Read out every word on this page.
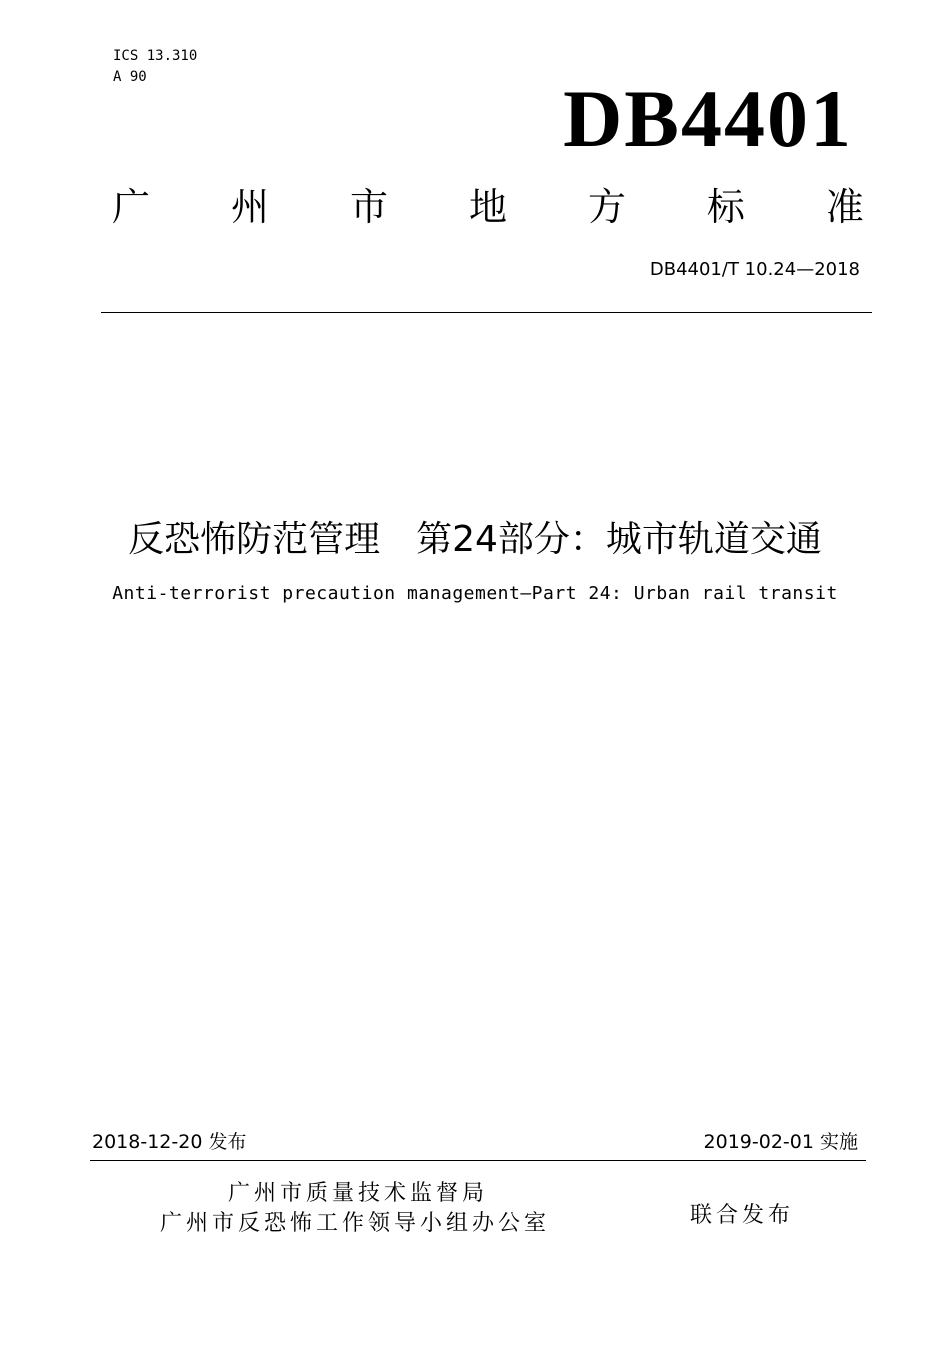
ICS 13.310
A 90	DB4401
广 州 市 地 方 标 准
DB4401/T 10.24—2018
反恐怖防范管理　第24部分：城市轨道交通
Anti-terrorist precaution management—Part 24: Urban rail transit
2018-12-20 发布	2019-02-01 实施
广州市质量技术监督局
广州市反恐怖工作领导小组办公室	联合发布
